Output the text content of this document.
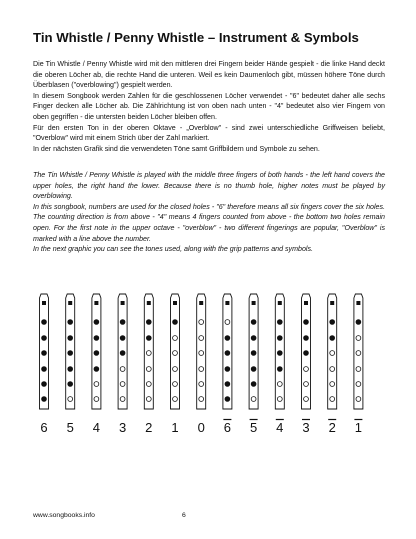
Tin Whistle / Penny Whistle – Instrument & Symbols

Die Tin Whistle / Penny Whistle wird mit den mittleren drei Fingern beider Hände gespielt - die linke Hand deckt die oberen Löcher ab, die rechte Hand die unteren. Weil es kein Daumenloch gibt, müssen höhere Töne durch Überblasen ("overblowing") gespielt werden.

In diesem Songbook werden Zahlen für die geschlossenen Löcher verwendet - "6" bedeutet daher alle sechs Finger decken alle Löcher ab. Die Zählrichtung ist von oben nach unten - "4" bedeutet also vier Fingern von oben gegriffen - die untersten beiden Löcher bleiben offen.

Für den ersten Ton in der oberen Oktave - „Overblow" - sind zwei unterschiedliche Griffweisen beliebt, "Overblow" wird mit einem Strich über der Zahl markiert.

In der nächsten Grafik sind die verwendeten Töne samt Griffbildern und Symbole zu sehen.

The Tin Whistle / Penny Whistle is played with the middle three fingers of both hands - the left hand covers the upper holes, the right hand the lower. Because there is no thumb hole, higher notes must be played by overblowing.

In this songbook, numbers are used for the closed holes - "6" therefore means all six fingers cover the six holes. The counting direction is from above - "4" means 4 fingers counted from above - the bottom two holes remain open. For the first note in the upper octave - "overblow" - two different fingerings are popular, "Overblow" is marked with a line above the number.

In the next graphic you can see the tones used, along with the grip patterns and symbols.

6 5 4 3 2 1 0 6 5 4 3 2 1
www.songbooks.info	6
